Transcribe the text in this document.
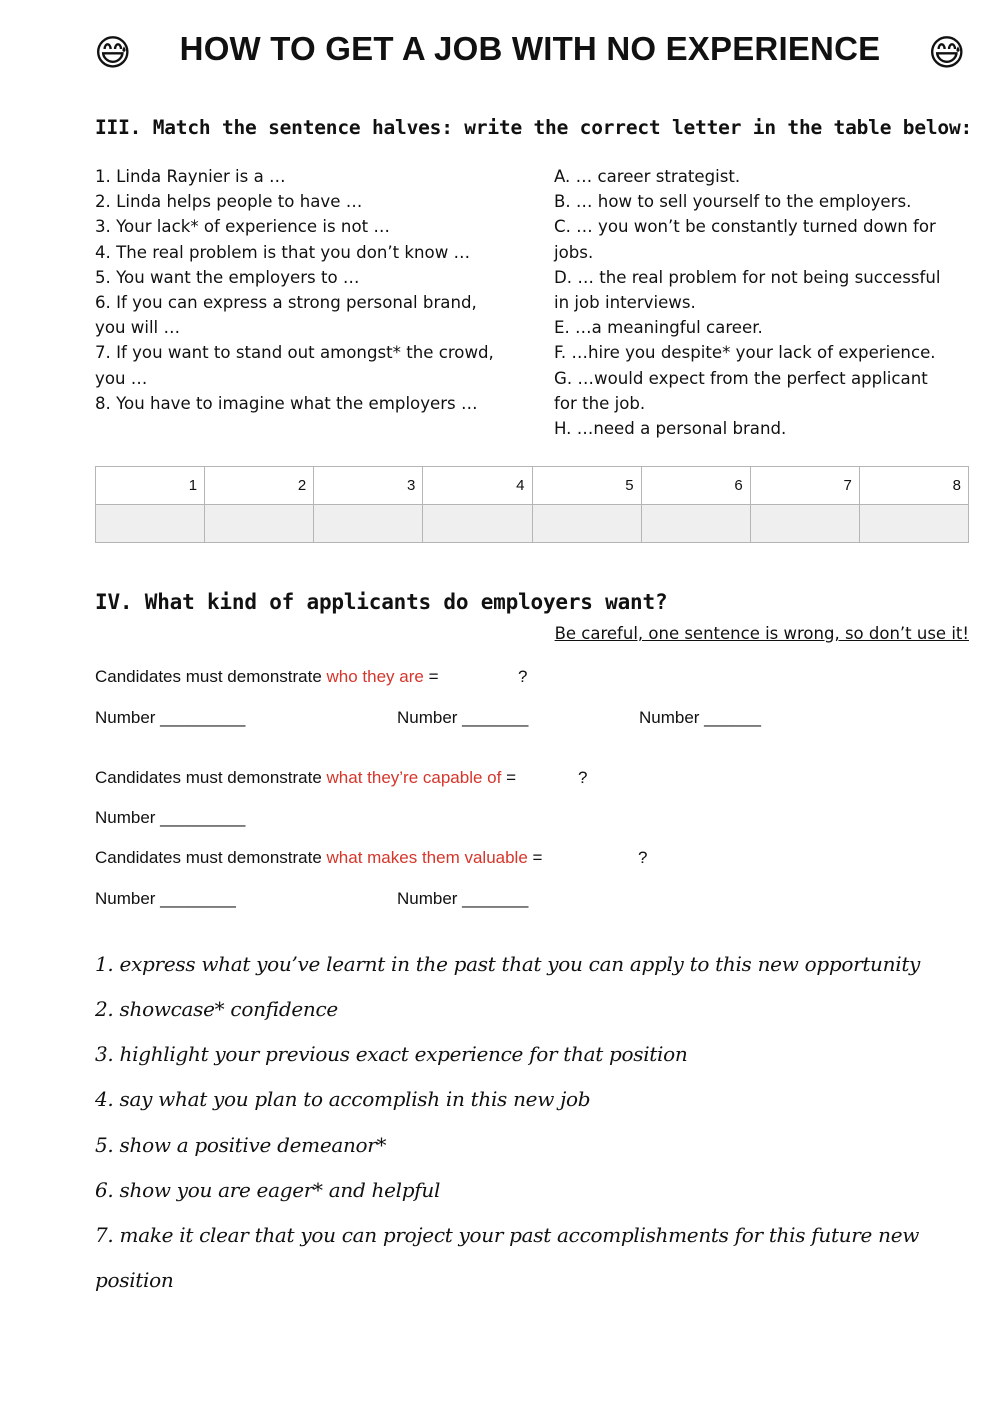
😅	HOW TO GET A JOB WITH NO EXPERIENCE	😅
III. Match the sentence halves: write the correct letter in the table below:
1. Linda Raynier is a …
2. Linda helps people to have …
3. Your lack* of experience is not …
4. The real problem is that you don’t know …
5. You want the employers to …
6. If you can express a strong personal brand,
you will …
7. If you want to stand out amongst* the crowd,
you …
8. You have to imagine what the employers …
A. … career strategist.
B. … how to sell yourself to the employers.
C. … you won’t be constantly turned down for
jobs.
D. … the real problem for not being successful
in job interviews.
E. …a meaningful career.
F. …hire you despite* your lack of experience.
G. …would expect from the perfect applicant
for the job.
H. …need a personal brand.
1	2	3	4	5	6	7	8

IV. What kind of applicants do employers want?
Be careful, one sentence is wrong, so don’t use it!
Candidates must demonstrate who they are =	?
Number _________	Number _______	Number ______
Candidates must demonstrate what they’re capable of =	?
Number _________
Candidates must demonstrate what makes them valuable =	?
Number ________	Number _______
1. express what you’ve learnt in the past that you can apply to this new opportunity
2. showcase* confidence
3. highlight your previous exact experience for that position
4. say what you plan to accomplish in this new job
5. show a positive demeanor*
6. show you are eager* and helpful
7. make it clear that you can project your past accomplishments for this future new
position
